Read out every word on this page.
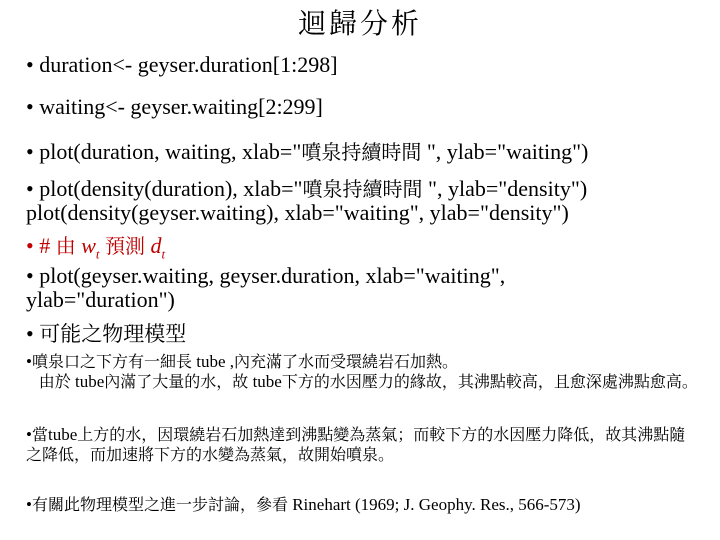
迴歸分析
• duration<- geyser.duration[1:298]
• waiting<- geyser.waiting[2:299]
• plot(duration, waiting, xlab="噴泉持續時間 ", ylab="waiting")
• plot(density(duration), xlab="噴泉持續時間 ", ylab="density")
plot(density(geyser.waiting), xlab="waiting", ylab="density")
• # 由 $w_t$ 預測 $d_t$
• plot(geyser.waiting, geyser.duration, xlab="waiting", ylab="duration")
• 可能之物理模型
•噴泉口之下方有一細長 tube ,內充滿了水而受環繞岩石加熱。
由於 tube內滿了大量的水，故 tube下方的水因壓力的緣故，其沸點較高，且愈深處沸點愈高。
•當tube上方的水，因環繞岩石加熱達到沸點變為蒸氣；而較下方的水因壓力降低，故其沸點隨之降低，而加速將下方的水變為蒸氣，故開始噴泉。
•有關此物理模型之進一步討論，參看 Rinehart (1969; J. Geophy. Res., 566-573)
